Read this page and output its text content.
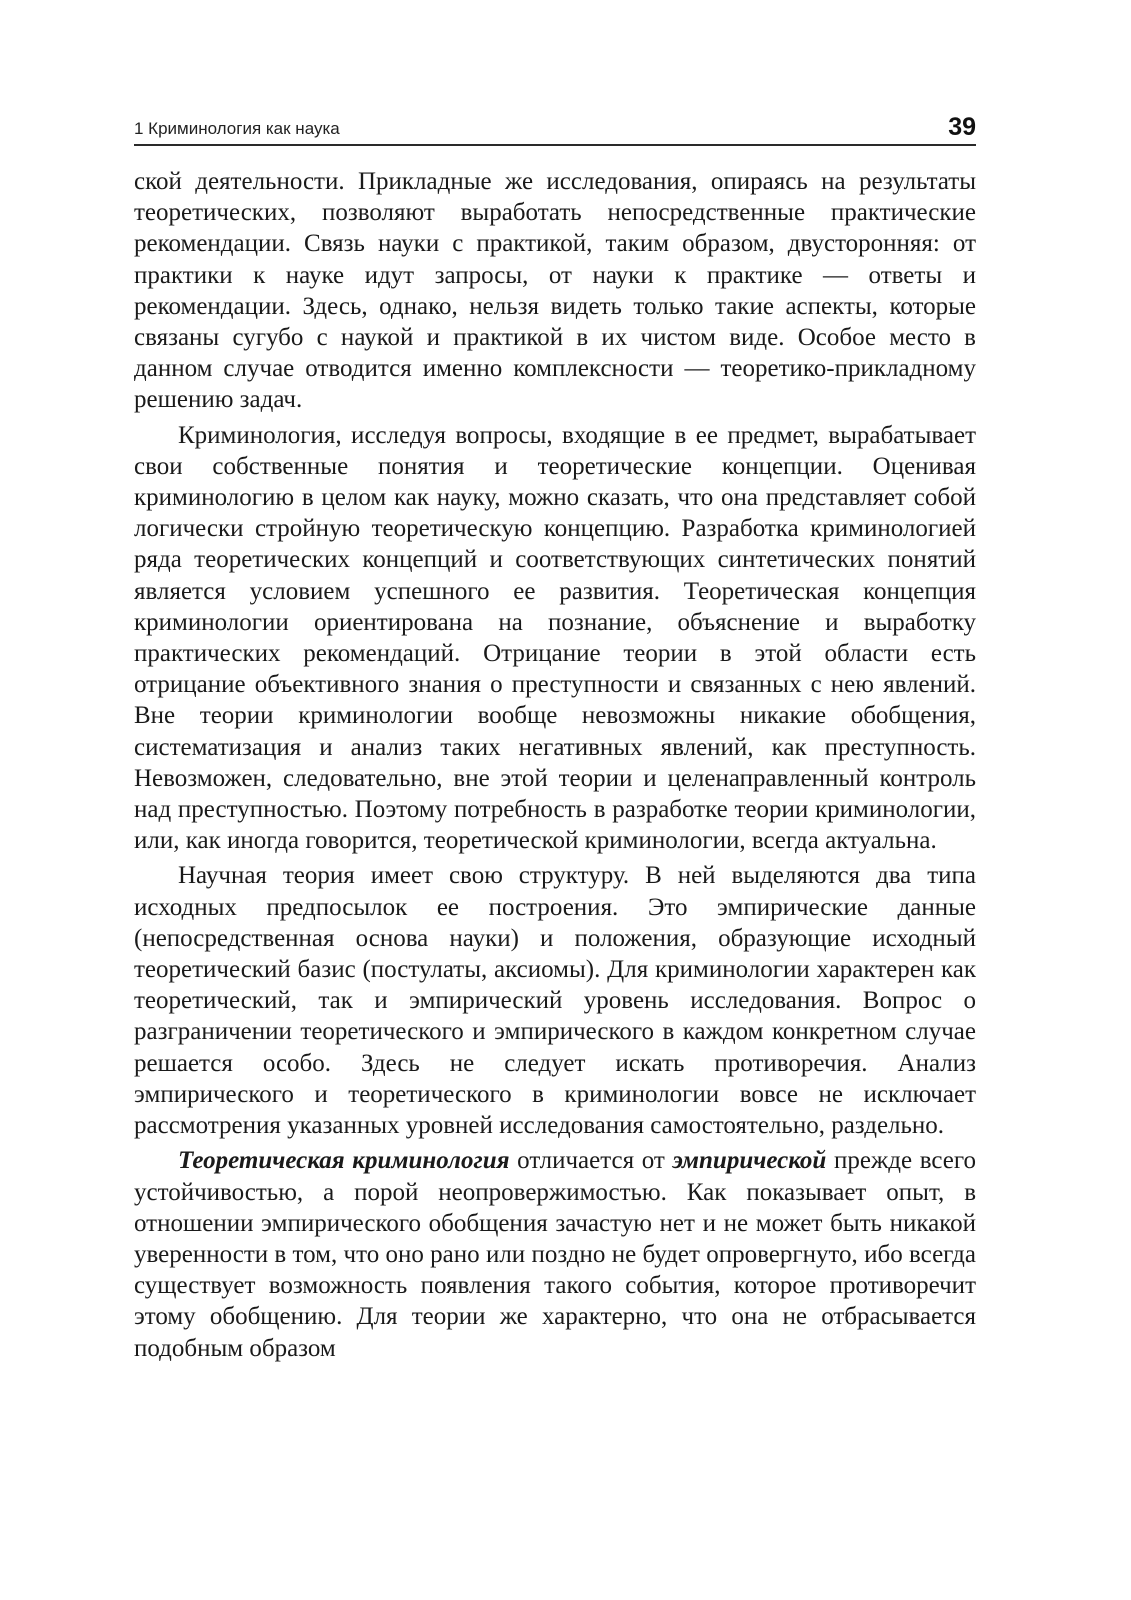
1 Криминология как наука	39

ской деятельности. Прикладные же исследования, опираясь на результаты теоретических, позволяют выработать непосредственные практические рекомендации. Связь науки с практикой, таким образом, двусторонняя: от практики к науке идут запросы, от науки к практике — ответы и рекомендации. Здесь, однако, нельзя видеть только такие аспекты, которые связаны сугубо с наукой и практикой в их чистом виде. Особое место в данном случае отводится именно комплексности — теоретико-прикладному решению задач.

Криминология, исследуя вопросы, входящие в ее предмет, вырабатывает свои собственные понятия и теоретические концепции. Оценивая криминологию в целом как науку, можно сказать, что она представляет собой логически стройную теоретическую концепцию. Разработка криминологией ряда теоретических концепций и соответствующих синтетических понятий является условием успешного ее развития. Теоретическая концепция криминологии ориентирована на познание, объяснение и выработку практических рекомендаций. Отрицание теории в этой области есть отрицание объективного знания о преступности и связанных с нею явлений. Вне теории криминологии вообще невозможны никакие обобщения, систематизация и анализ таких негативных явлений, как преступность. Невозможен, следовательно, вне этой теории и целенаправленный контроль над преступностью. Поэтому потребность в разработке теории криминологии, или, как иногда говорится, теоретической криминологии, всегда актуальна.

Научная теория имеет свою структуру. В ней выделяются два типа исходных предпосылок ее построения. Это эмпирические данные (непосредственная основа науки) и положения, образующие исходный теоретический базис (постулаты, аксиомы). Для криминологии характерен как теоретический, так и эмпирический уровень исследования. Вопрос о разграничении теоретического и эмпирического в каждом конкретном случае решается особо. Здесь не следует искать противоречия. Анализ эмпирического и теоретического в криминологии вовсе не исключает рассмотрения указанных уровней исследования самостоятельно, раздельно.

Теоретическая криминология отличается от эмпирической прежде всего устойчивостью, а порой неопровержимостью. Как показывает опыт, в отношении эмпирического обобщения зачастую нет и не может быть никакой уверенности в том, что оно рано или поздно не будет опровергнуто, ибо всегда существует возможность появления такого события, которое противоречит этому обобщению. Для теории же характерно, что она не отбрасывается подобным образом
